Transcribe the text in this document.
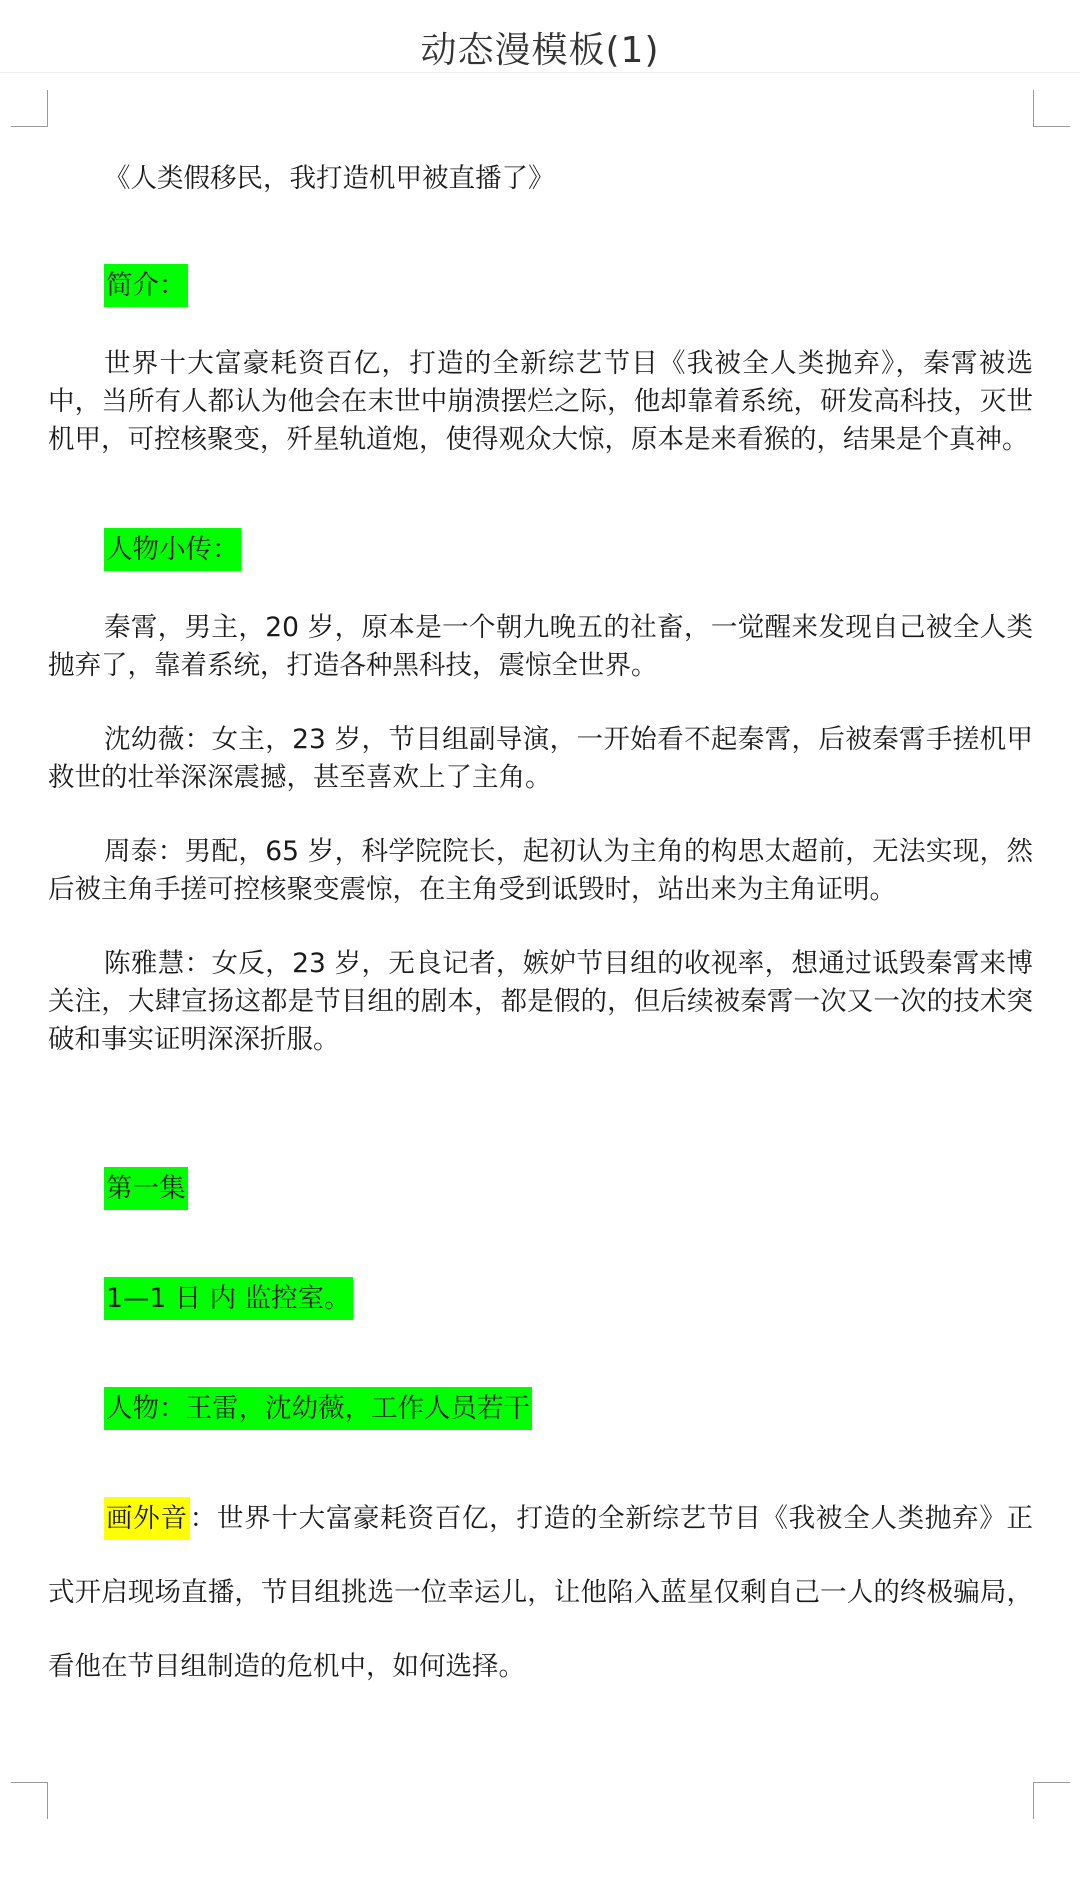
动态漫模板(1)

《人类假移民，我打造机甲被直播了》

简介：

世界十大富豪耗资百亿，打造的全新综艺节目《我被全人类抛弃》，秦霄被选中，当所有人都认为他会在末世中崩溃摆烂之际，他却靠着系统，研发高科技，灭世机甲，可控核聚变，歼星轨道炮，使得观众大惊，原本是来看猴的，结果是个真神。

人物小传：

秦霄，男主，20 岁，原本是一个朝九晚五的社畜，一觉醒来发现自己被全人类抛弃了，靠着系统，打造各种黑科技，震惊全世界。

沈幼薇：女主，23 岁，节目组副导演，一开始看不起秦霄，后被秦霄手搓机甲救世的壮举深深震撼，甚至喜欢上了主角。

周泰：男配，65 岁，科学院院长，起初认为主角的构思太超前，无法实现，然后被主角手搓可控核聚变震惊，在主角受到诋毁时，站出来为主角证明。

陈雅慧：女反，23 岁，无良记者，嫉妒节目组的收视率，想通过诋毁秦霄来博关注，大肆宣扬这都是节目组的剧本，都是假的，但后续被秦霄一次又一次的技术突破和事实证明深深折服。

第一集

1—1 日 内 监控室。

人物：王雷，沈幼薇，工作人员若干

画外音：世界十大富豪耗资百亿，打造的全新综艺节目《我被全人类抛弃》正式开启现场直播，节目组挑选一位幸运儿，让他陷入蓝星仅剩自己一人的终极骗局，看他在节目组制造的危机中，如何选择。
